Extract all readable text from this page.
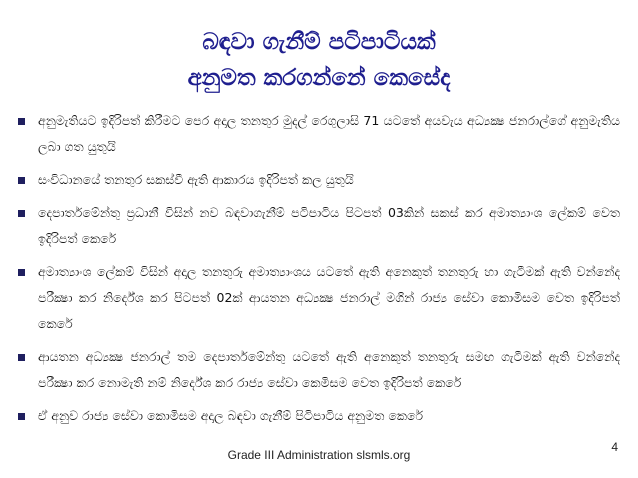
බඳවා ගැනීම් පටිපාටියක්
අනුමත කරගන්නේ කෙසේද
අනුමැතියට ඉදිරිපත් කිරීමට පෙර අදාල තනතුර මුදල් රෙගුලාසි 71 යටතේ අයවැය අධ්‍යක්‍ෂ ජනරාල්ගේ අනුමැතිය ලබා ගත යුතුයි
සංවිධානයේ තනතුර සකස්වී ඇති ආකාරය ඉදිරිපත් කල යුතුයි
දෙපාර්තමේන්තු ප්‍රධානී විසින් නව බඳවාගැනීම් පටිපාටිය පිටපත් 03කින් සකස් කර අමාත්‍යාංශ ලේකම් වෙත ඉදිරිපත් කෙරේ
අමාත්‍යාංශ ලේකම් විසින් අදාල තනතුරු අමාත්‍යාංශය යටතේ ඇති අනෙකුත් තනතුරු හා ගැටීමක් ඇති වන්නේද පරීක්‍ෂා කර නිර්දේශ කර පිටපත් 02ක් ආයතන අධ්‍යක්‍ෂ ජනරාල් මගින් රාජ්‍ය සේවා කොමිසම වෙත ඉදිරිපත් කෙරේ
ආයතන අධ්‍යක්‍ෂ ජනරාල් තම දෙපාර්තමේන්තු යටතේ ඇති අනෙකුත් තනතුරු සමඟ ගැටීමක් ඇති වන්නේද පරීක්‍ෂා කර නොමැති නම් නිර්දේශ කර රාජ්‍ය සේවා කෙමිසම වෙත ඉදිරිපත් කෙරේ
ඒ අනුව රාජ්‍ය සේවා කොමිසම අදාල බඳවා ගැනීම් පිටිපාටිය අනුමත කෙරේ
Grade III Administration slsmls.org
4
